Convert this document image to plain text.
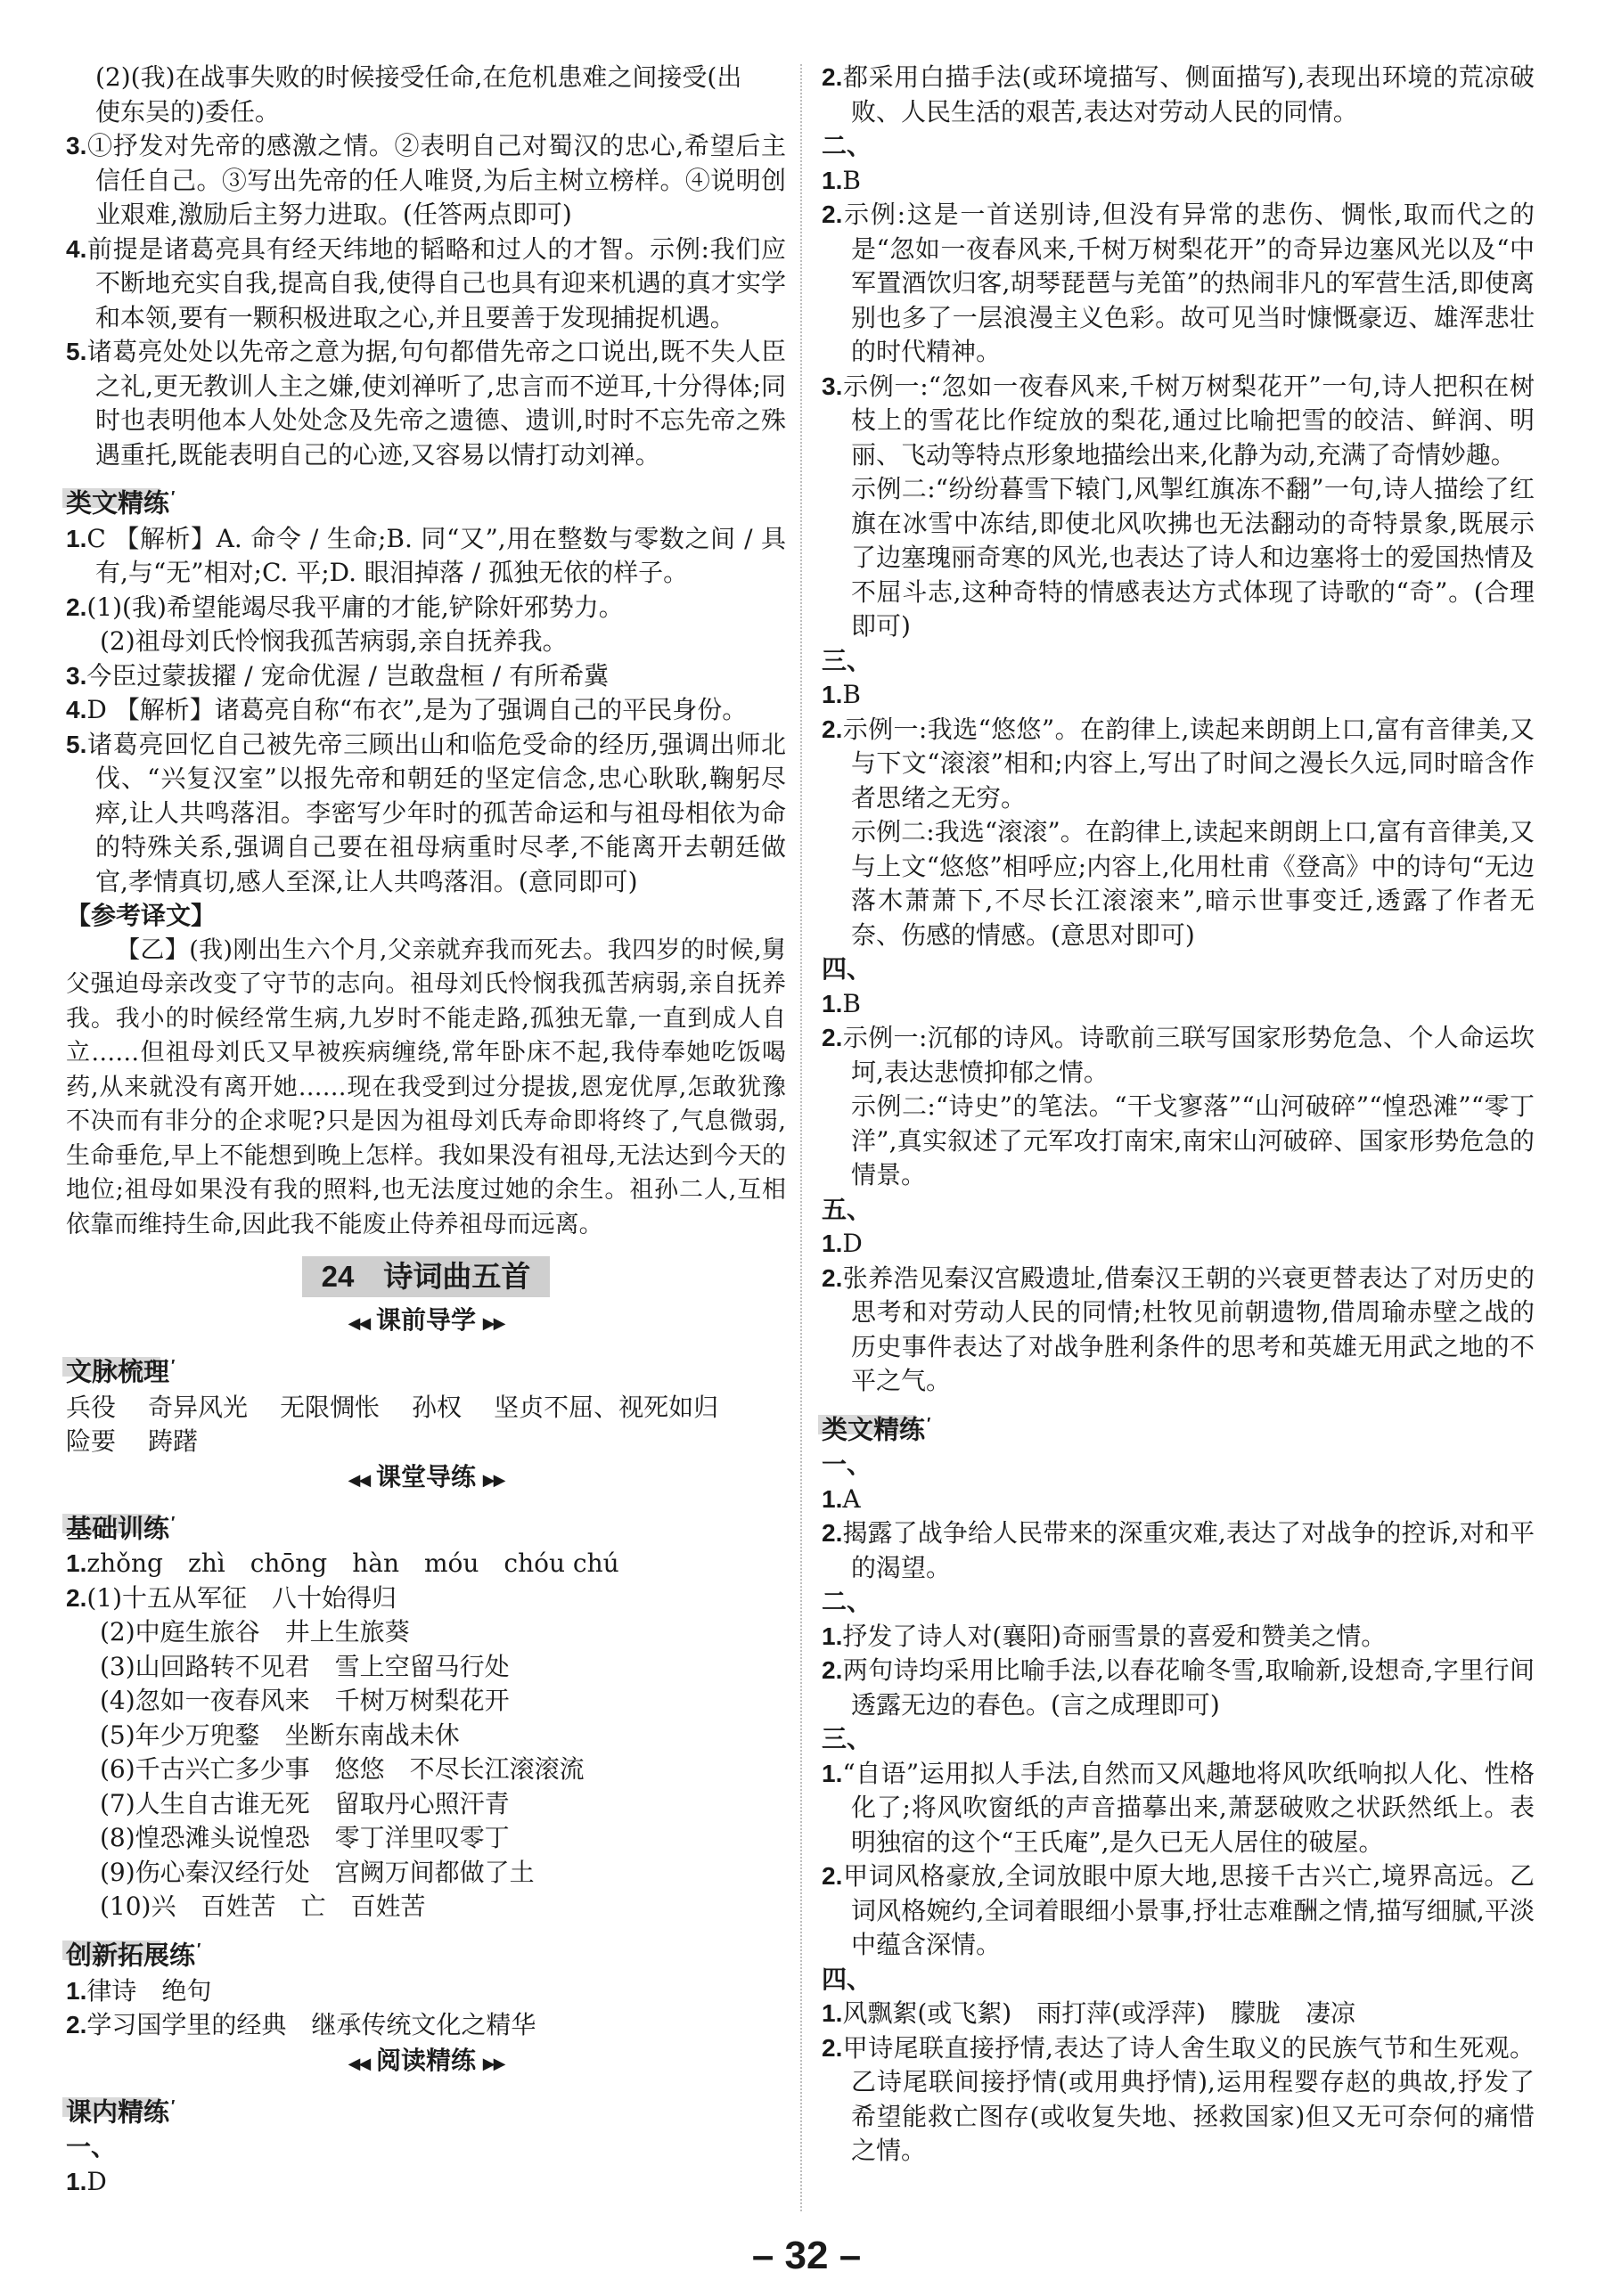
(2)(我)在战事失败的时候接受任命,在危机患难之间接受(出
使东吴的)委任。
3.①抒发对先帝的感激之情。②表明自己对蜀汉的忠心,希望后主信任自己。③写出先帝的任人唯贤,为后主树立榜样。④说明创业艰难,激励后主努力进取。(任答两点即可)
4.前提是诸葛亮具有经天纬地的韬略和过人的才智。示例:我们应不断地充实自我,提高自我,使得自己也具有迎来机遇的真才实学和本领,要有一颗积极进取之心,并且要善于发现捕捉机遇。
5.诸葛亮处处以先帝之意为据,句句都借先帝之口说出,既不失人臣之礼,更无教训人主之嫌,使刘禅听了,忠言而不逆耳,十分得体;同时也表明他本人处处念及先帝之遗德、遗训,时时不忘先帝之殊遇重托,既能表明自己的心迹,又容易以情打动刘禅。
类文精练 ′
1.C 【解析】A. 命令 / 生命;B. 同“又”,用在整数与零数之间 / 具有,与“无”相对;C. 平;D. 眼泪掉落 / 孤独无依的样子。
2.(1)(我)希望能竭尽我平庸的才能,铲除奸邪势力。
(2)祖母刘氏怜悯我孤苦病弱,亲自抚养我。
3.今臣过蒙拔擢 / 宠命优渥 / 岂敢盘桓 / 有所希冀
4.D 【解析】诸葛亮自称“布衣”,是为了强调自己的平民身份。
5.诸葛亮回忆自己被先帝三顾出山和临危受命的经历,强调出师北伐、“兴复汉室”以报先帝和朝廷的坚定信念,忠心耿耿,鞠躬尽瘁,让人共鸣落泪。李密写少年时的孤苦命运和与祖母相依为命的特殊关系,强调自己要在祖母病重时尽孝,不能离开去朝廷做官,孝情真切,感人至深,让人共鸣落泪。(意同即可)
【参考译文】
【乙】(我)刚出生六个月,父亲就弃我而死去。我四岁的时候,舅父强迫母亲改变了守节的志向。祖母刘氏怜悯我孤苦病弱,亲自抚养我。我小的时候经常生病,九岁时不能走路,孤独无靠,一直到成人自立……但祖母刘氏又早被疾病缠绕,常年卧床不起,我侍奉她吃饭喝药,从来就没有离开她……现在我受到过分提拔,恩宠优厚,怎敢犹豫不决而有非分的企求呢?只是因为祖母刘氏寿命即将终了,气息微弱,生命垂危,早上不能想到晚上怎样。我如果没有祖母,无法达到今天的地位;祖母如果没有我的照料,也无法度过她的余生。祖孙二人,互相依靠而维持生命,因此我不能废止侍养祖母而远离。
24　诗词曲五首
◀◀ 课前导学 ▶▶
文脉梳理 ′
兵役 奇异风光 无限惆怅 孙权 坚贞不屈、视死如归
险要 踌躇
◀◀ 课堂导练 ▶▶
基础训练 ′
1.zhǒng　zhì　chōng　hàn　móu　chóu chú
2.(1)十五从军征　八十始得归
(2)中庭生旅谷　井上生旅葵
(3)山回路转不见君　雪上空留马行处
(4)忽如一夜春风来　千树万树梨花开
(5)年少万兜鍪　坐断东南战未休
(6)千古兴亡多少事　悠悠　不尽长江滚滚流
(7)人生自古谁无死　留取丹心照汗青
(8)惶恐滩头说惶恐　零丁洋里叹零丁
(9)伤心秦汉经行处　宫阙万间都做了土
(10)兴　百姓苦　亡　百姓苦
创新拓展练 ′
1.律诗　绝句
2.学习国学里的经典　继承传统文化之精华
◀◀ 阅读精练 ▶▶
课内精练 ′
一、
1.D
2.都采用白描手法(或环境描写、侧面描写),表现出环境的荒凉破败、人民生活的艰苦,表达对劳动人民的同情。
二、
1.B
2.示例:这是一首送别诗,但没有异常的悲伤、惆怅,取而代之的是“忽如一夜春风来,千树万树梨花开”的奇异边塞风光以及“中军置酒饮归客,胡琴琵琶与羌笛”的热闹非凡的军营生活,即使离别也多了一层浪漫主义色彩。故可见当时慷慨豪迈、雄浑悲壮的时代精神。
3.示例一:“忽如一夜春风来,千树万树梨花开”一句,诗人把积在树枝上的雪花比作绽放的梨花,通过比喻把雪的皎洁、鲜润、明丽、飞动等特点形象地描绘出来,化静为动,充满了奇情妙趣。
示例二:“纷纷暮雪下辕门,风掣红旗冻不翻”一句,诗人描绘了红旗在冰雪中冻结,即使北风吹拂也无法翻动的奇特景象,既展示了边塞瑰丽奇寒的风光,也表达了诗人和边塞将士的爱国热情及不屈斗志,这种奇特的情感表达方式体现了诗歌的“奇”。(合理即可)
三、
1.B
2.示例一:我选“悠悠”。在韵律上,读起来朗朗上口,富有音律美,又与下文“滚滚”相和;内容上,写出了时间之漫长久远,同时暗含作者思绪之无穷。
示例二:我选“滚滚”。在韵律上,读起来朗朗上口,富有音律美,又与上文“悠悠”相呼应;内容上,化用杜甫《登高》中的诗句“无边落木萧萧下,不尽长江滚滚来”,暗示世事变迁,透露了作者无奈、伤感的情感。(意思对即可)
四、
1.B
2.示例一:沉郁的诗风。诗歌前三联写国家形势危急、个人命运坎坷,表达悲愤抑郁之情。
示例二:“诗史”的笔法。“干戈寥落”“山河破碎”“惶恐滩”“零丁洋”,真实叙述了元军攻打南宋,南宋山河破碎、国家形势危急的情景。
五、
1.D
2.张养浩见秦汉宫殿遗址,借秦汉王朝的兴衰更替表达了对历史的思考和对劳动人民的同情;杜牧见前朝遗物,借周瑜赤壁之战的历史事件表达了对战争胜利条件的思考和英雄无用武之地的不平之气。
类文精练 ′
一、
1.A
2.揭露了战争给人民带来的深重灾难,表达了对战争的控诉,对和平的渴望。
二、
1.抒发了诗人对(襄阳)奇丽雪景的喜爱和赞美之情。
2.两句诗均采用比喻手法,以春花喻冬雪,取喻新,设想奇,字里行间透露无边的春色。(言之成理即可)
三、
1.“自语”运用拟人手法,自然而又风趣地将风吹纸响拟人化、性格化了;将风吹窗纸的声音描摹出来,萧瑟破败之状跃然纸上。表明独宿的这个“王氏庵”,是久已无人居住的破屋。
2.甲词风格豪放,全词放眼中原大地,思接千古兴亡,境界高远。乙词风格婉约,全词着眼细小景事,抒壮志难酬之情,描写细腻,平淡中蕴含深情。
四、
1.风飘絮(或飞絮)　雨打萍(或浮萍)　朦胧　凄凉
2.甲诗尾联直接抒情,表达了诗人舍生取义的民族气节和生死观。乙诗尾联间接抒情(或用典抒情),运用程婴存赵的典故,抒发了希望能救亡图存(或收复失地、拯救国家)但又无可奈何的痛惜之情。
– 32 –
